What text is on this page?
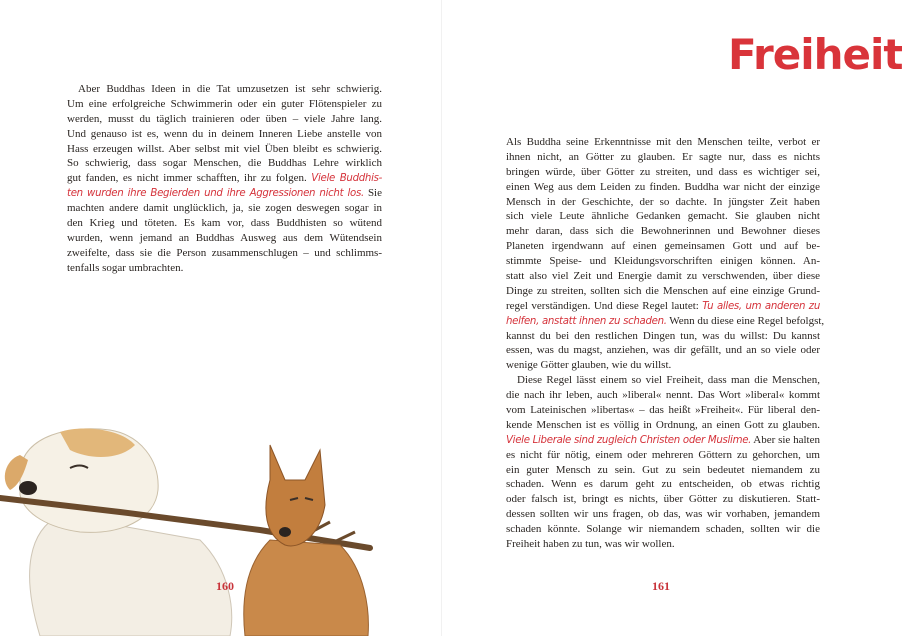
Aber Buddhas Ideen in die Tat umzusetzen ist sehr schwierig.
Um eine erfolgreiche Schwimmerin oder ein guter Flötenspieler zu
werden, musst du täglich trainieren oder üben – viele Jahre lang.
Und genauso ist es, wenn du in deinem Inneren Liebe anstelle von
Hass erzeugen willst. Aber selbst mit viel Üben bleibt es schwierig.
So schwierig, dass sogar Menschen, die Buddhas Lehre wirklich
gut fanden, es nicht immer schafften, ihr zu folgen. Viele Buddhis-
ten wurden ihre Begierden und ihre Aggressionen nicht los. Sie
machten andere damit unglücklich, ja, sie zogen deswegen sogar in
den Krieg und töteten. Es kam vor, dass Buddhisten so wütend
wurden, wenn jemand an Buddhas Ausweg aus dem Wütendsein
zweifelte, dass sie die Person zusammenschlugen – und schlimms-
tenfalls sogar umbrachten.
160
Freiheit
Als Buddha seine Erkenntnisse mit den Menschen teilte, verbot er
ihnen nicht, an Götter zu glauben. Er sagte nur, dass es nichts
bringen würde, über Götter zu streiten, und dass es wichtiger sei,
einen Weg aus dem Leiden zu finden. Buddha war nicht der einzige
Mensch in der Geschichte, der so dachte. In jüngster Zeit haben
sich viele Leute ähnliche Gedanken gemacht. Sie glauben nicht
mehr daran, dass sich die Bewohnerinnen und Bewohner dieses
Planeten irgendwann auf einen gemeinsamen Gott und auf be-
stimmte Speise- und Kleidungsvorschriften einigen können. An-
statt also viel Zeit und Energie damit zu verschwenden, über diese
Dinge zu streiten, sollten sich die Menschen auf eine einzige Grund-
regel verständigen. Und diese Regel lautet: Tu alles, um anderen zu
helfen, anstatt ihnen zu schaden. Wenn du diese eine Regel befolgst,
kannst du bei den restlichen Dingen tun, was du willst: Du kannst
essen, was du magst, anziehen, was dir gefällt, und an so viele oder
wenige Götter glauben, wie du willst.
Diese Regel lässt einem so viel Freiheit, dass man die Menschen,
die nach ihr leben, auch »liberal« nennt. Das Wort »liberal« kommt
vom Lateinischen »libertas« – das heißt »Freiheit«. Für liberal den-
kende Menschen ist es völlig in Ordnung, an einen Gott zu glauben.
Viele Liberale sind zugleich Christen oder Muslime. Aber sie halten
es nicht für nötig, einem oder mehreren Göttern zu gehorchen, um
ein guter Mensch zu sein. Gut zu sein bedeutet niemandem zu
schaden. Wenn es darum geht zu entscheiden, ob etwas richtig
oder falsch ist, bringt es nichts, über Götter zu diskutieren. Statt-
dessen sollten wir uns fragen, ob das, was wir vorhaben, jemandem
schaden könnte. Solange wir niemandem schaden, sollten wir die
Freiheit haben zu tun, was wir wollen.
161
